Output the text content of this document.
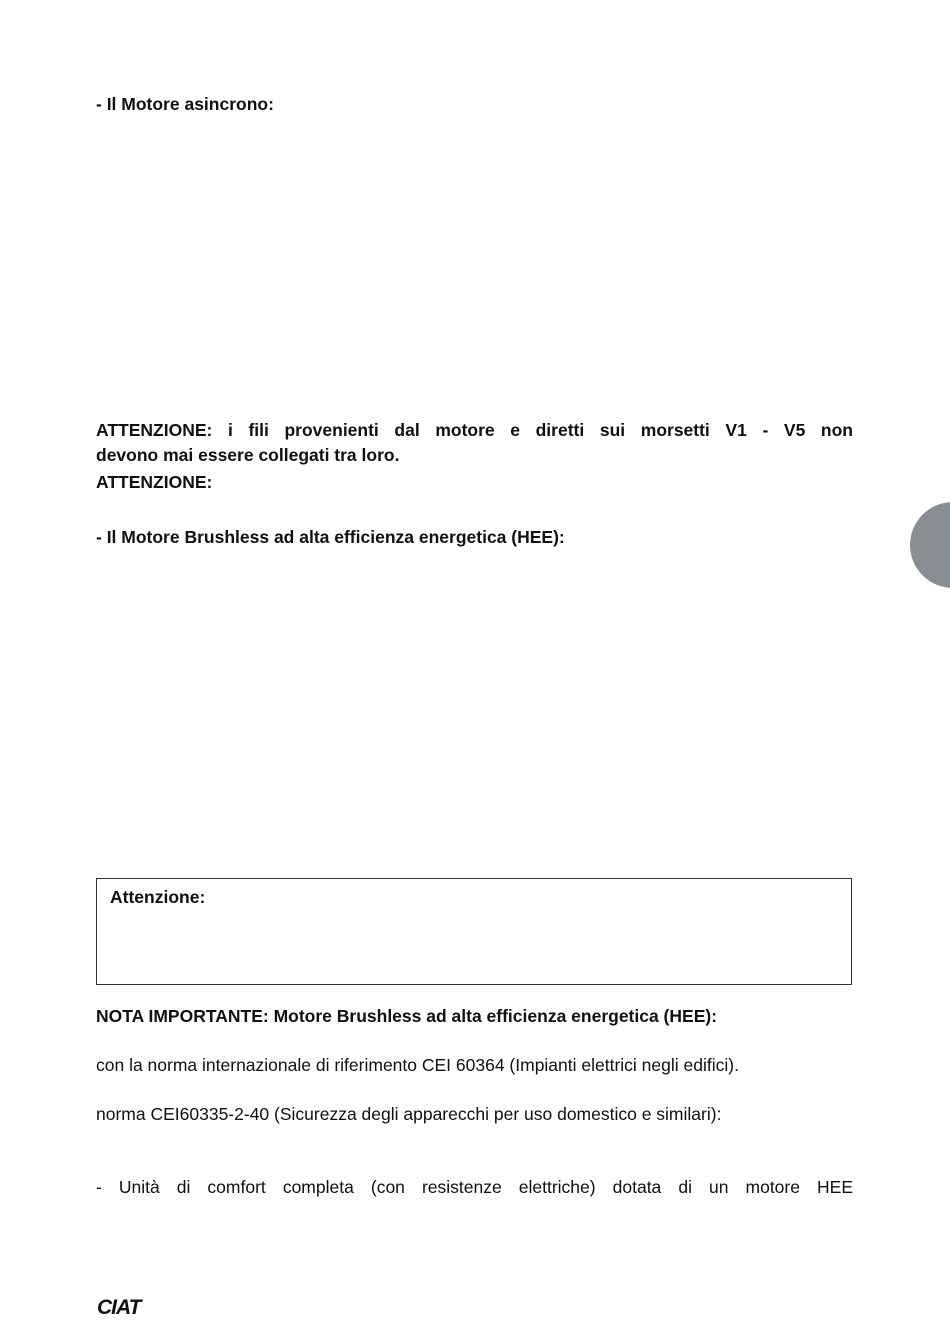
- Il Motore asincrono:
ATTENZIONE: i fili provenienti dal motore e diretti sui morsetti V1 - V5 non
devono mai essere collegati tra loro.
ATTENZIONE:
- Il Motore Brushless ad alta efficienza energetica (HEE):
Attenzione:
NOTA IMPORTANTE: Motore Brushless ad alta efficienza energetica (HEE):
con la norma internazionale di riferimento CEI 60364 (Impianti elettrici negli edifici).
norma CEI60335-2-40 (Sicurezza degli apparecchi per uso domestico e similari):
- Unità di comfort completa (con resistenze elettriche) dotata di un motore HEE
CIAT
